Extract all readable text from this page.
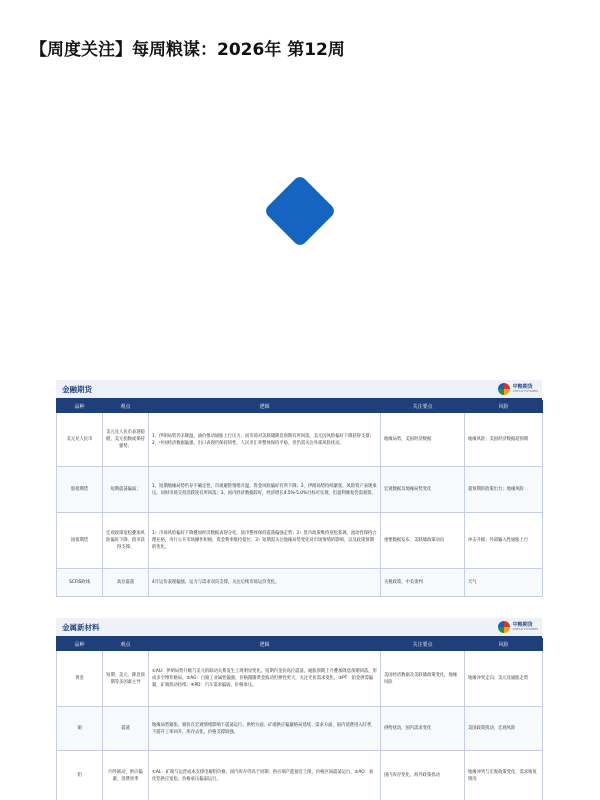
【周度关注】每周粮谋：2026年 第12周
金融期货	中粮期货
COFCO FUTURES
品种	观点	逻辑	关注要点	风险
美元兑人民币	美元兑人民币表现稳健，美元指数或保持强势；	1、伊朗局势仍未降温，油价推动通胀上行压力，而市场对美联储降息预期有所回落，美元因风险偏好下降获得支撑；2、中国经济数据偏强，出口表现仍保持韧性，人民币汇率整体保持平稳，但仍需关注外部风险扰动。	地缘局势，美国经济数据	地缘风险；美国经济数据超预期
股指期货	短期震荡偏弱；	1、短期地缘局势仍存不确定性，市场避险情绪升温，资金风险偏好有所下降；2、伊朗局势持续紧张，风险资产表现承压，同时市场交投活跃度有所回落；3、国内经济数据较好，经济增长4.5%-5.0%目标可实现，但盈利修复仍需观察。	宏观数据及地缘局势变化	超预期的政策出台；地缘风险
国债期货	宏观政策宽松叠加风险偏好下降，债市获得支撑；	1）市场风险偏好下降叠加经济数据表现分化，债市整体保持震荡偏强走势；2）货币政策维持宽松基调，流动性保持合理充裕，央行公开市场操作积极，资金利率维持低位；3）短期需关注地缘局势变化对市场情绪的影响，以及政策预期的变化。	重要数据发布，美联储政策动向	冲击升级；外部输入性通胀上行
SCFIS欧线	高位震荡	4月运价表现偏强，运力与需求双向支撑，关注后续市场运价变化。	关税政策、中美谈判	天气
金属新材料	中粮期货
COFCO FUTURES
品种	观点	逻辑	关注要点	风险
黄金	短期、美元、降息预期等多因素主导	①AU：伊朗局势升级与美元的联动关系发生上周明显变化。短期内金价高位震荡，通胀预期上升叠加降息预期回落，形成多空博弈格局。②AG：白银工业属性偏强，价格跟随黄金波动但弹性更大，关注光伏需求变化。③PT：铂金供需偏紧，矿端扰动持续；④PD：汽车需求偏弱，价格承压。	美国经济数据及美联储政策变化，地缘风险	地缘冲突走向；美元及通胀走势
铜	震荡	地缘局势紧张，铜价在宏观情绪影响下震荡运行。供给方面，矿端供应偏紧格局延续；需求方面，国内消费进入旺季，下游开工率回升，库存去化，价格支撑较强。	供给扰动，国内需求变化	美国政策扰动，宏观风险
铝	内外联动，供应偏紧，消费淡季	①AL：矿端与运营成本支撑电解铝价格，国内库存仍高于同期；供应端产能接近上限，价格区间震荡运行。②AO：氧化铝供应宽松，价格承压偏弱运行。	国内库存变化，海外政策扰动	地缘冲突与宏观政策变化，需求恢复情况
